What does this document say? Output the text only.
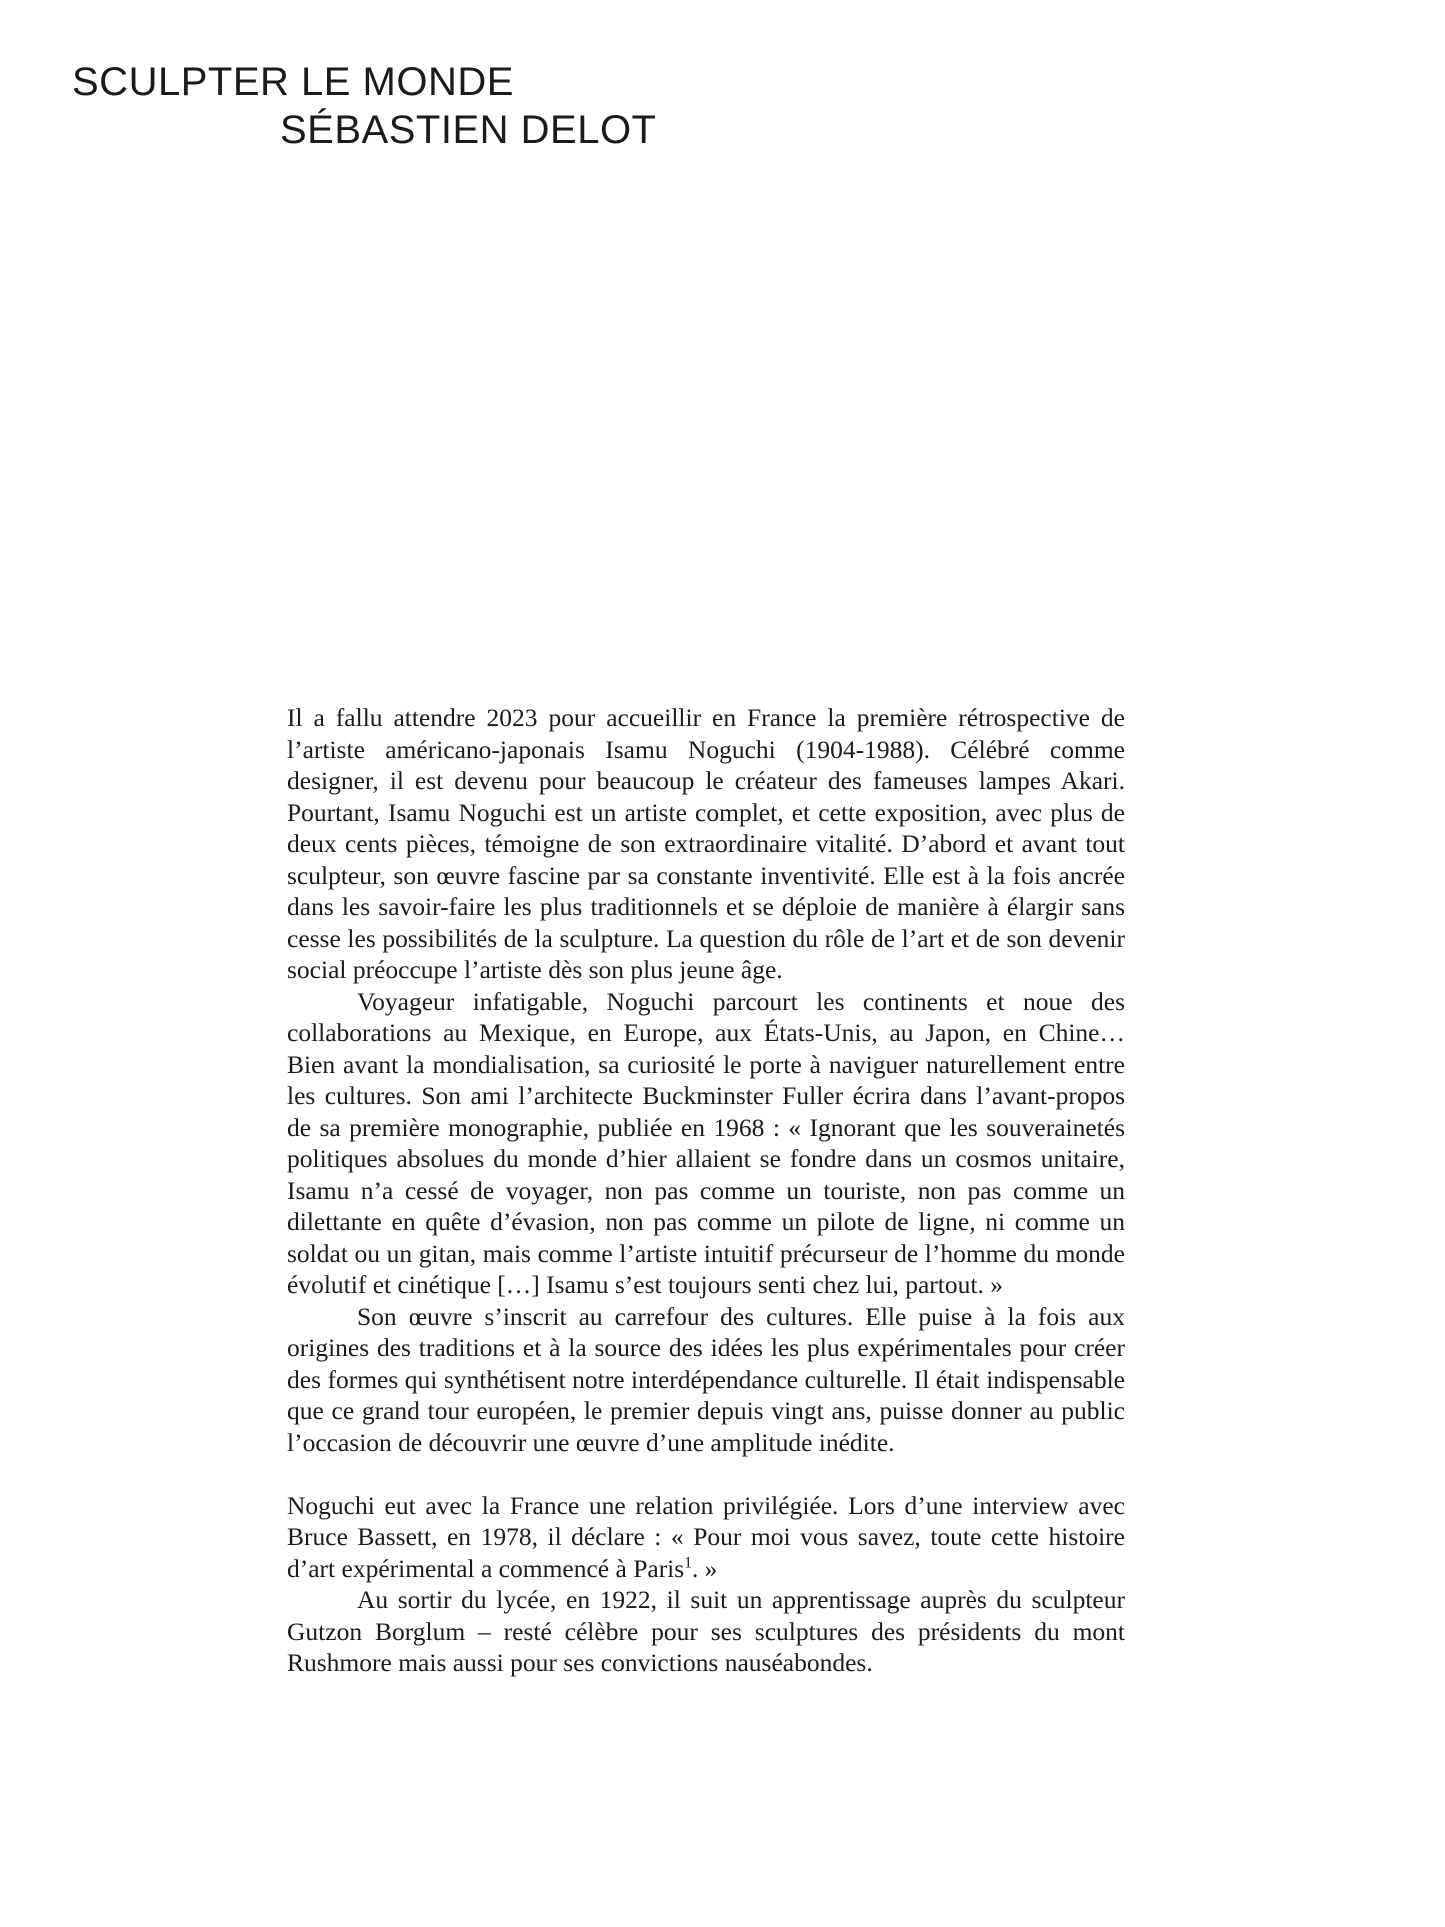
SCULPTER LE MONDE
SÉBASTIEN DELOT

Il a fallu attendre 2023 pour accueillir en France la première rétrospective de l’artiste américano-japonais Isamu Noguchi (1904-1988). Célébré comme designer, il est devenu pour beaucoup le créateur des fameuses lampes Akari. Pourtant, Isamu Noguchi est un artiste complet, et cette exposition, avec plus de deux cents pièces, témoigne de son extraordinaire vitalité. D’abord et avant tout sculpteur, son œuvre fascine par sa constante inventivité. Elle est à la fois ancrée dans les savoir-faire les plus traditionnels et se déploie de manière à élargir sans cesse les possibilités de la sculpture. La question du rôle de l’art et de son devenir social préoccupe l’artiste dès son plus jeune âge.

Voyageur infatigable, Noguchi parcourt les continents et noue des collaborations au Mexique, en Europe, aux États-Unis, au Japon, en Chine… Bien avant la mondialisation, sa curiosité le porte à naviguer naturellement entre les cultures. Son ami l’architecte Buckminster Fuller écrira dans l’avant-propos de sa première monographie, publiée en 1968 : « Ignorant que les souverainetés politiques absolues du monde d’hier allaient se fondre dans un cosmos unitaire, Isamu n’a cessé de voyager, non pas comme un touriste, non pas comme un dilettante en quête d’évasion, non pas comme un pilote de ligne, ni comme un soldat ou un gitan, mais comme l’artiste intuitif précurseur de l’homme du monde évolutif et cinétique […] Isamu s’est toujours senti chez lui, partout. »

Son œuvre s’inscrit au carrefour des cultures. Elle puise à la fois aux origines des traditions et à la source des idées les plus expérimentales pour créer des formes qui synthétisent notre interdépendance culturelle. Il était indispensable que ce grand tour européen, le premier depuis vingt ans, puisse donner au public l’occasion de découvrir une œuvre d’une amplitude inédite.

Noguchi eut avec la France une relation privilégiée. Lors d’une interview avec Bruce Bassett, en 1978, il déclare : « Pour moi vous savez, toute cette histoire d’art expérimental a commencé à Paris$^1$. »

Au sortir du lycée, en 1922, il suit un apprentissage auprès du sculpteur Gutzon Borglum – resté célèbre pour ses sculptures des présidents du mont Rushmore mais aussi pour ses convictions nauséabondes.
